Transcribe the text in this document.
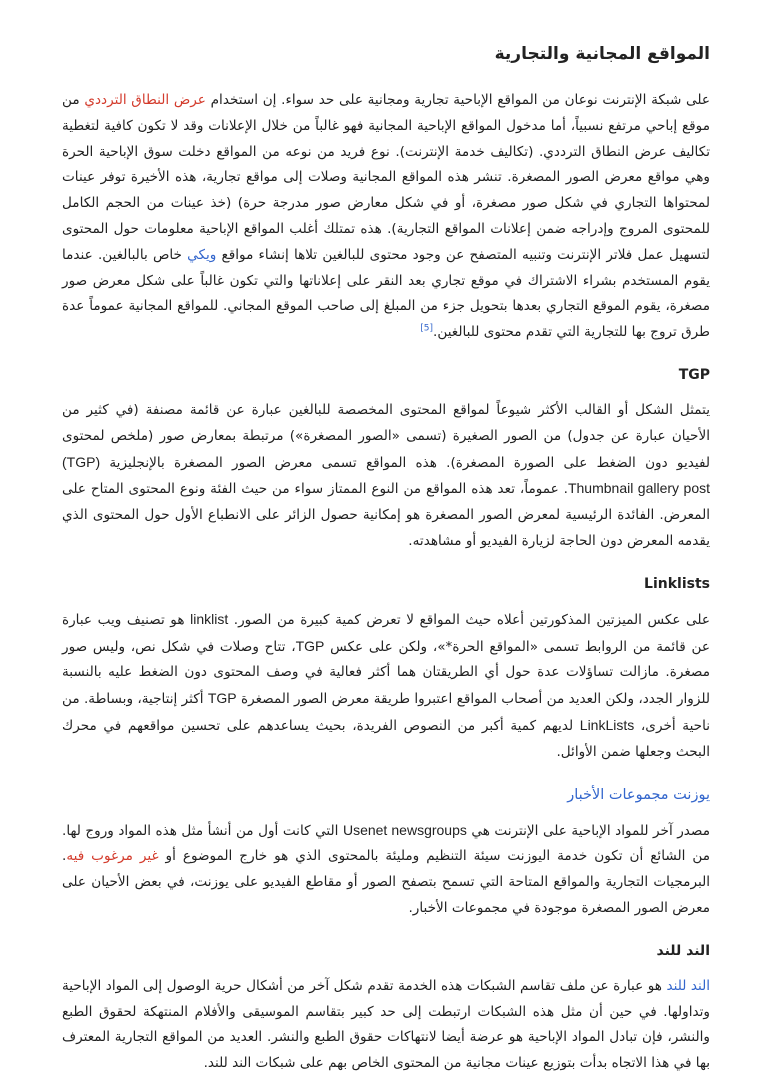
المواقع المجانية والتجارية

على شبكة الإنترنت نوعان من المواقع الإباحية تجارية ومجانية على حد سواء. إن استخدام عرض النطاق الترددي من موقع إباحي مرتفع نسبياً، أما مدخول المواقع الإباحية المجانية فهو غالباً من خلال الإعلانات وقد لا تكون كافية لتغطية تكاليف عرض النطاق الترددي. (تكاليف خدمة الإنترنت). نوع فريد من نوعه من المواقع دخلت سوق الإباحية الحرة وهي مواقع معرض الصور المصغرة. تنشر هذه المواقع المجانية وصلات إلى مواقع تجارية، هذه الأخيرة توفر عينات لمحتواها التجاري في شكل صور مصغرة، أو في شكل معارض صور مدرجة حرة) (خذ عينات من الحجم الكامل للمحتوى المروج وإدراجه ضمن إعلانات المواقع التجارية). هذه تمتلك أغلب المواقع الإباحية معلومات حول المحتوى لتسهيل عمل فلاتر الإنترنت وتنبيه المتصفح عن وجود محتوى للبالغين تلاها إنشاء مواقع ويكي خاص بالبالغين. عندما يقوم المستخدم بشراء الاشتراك في موقع تجاري بعد النقر على إعلاناتها والتي تكون غالباً على شكل معرض صور مصغرة، يقوم الموقع التجاري بعدها بتحويل جزء من المبلغ إلى صاحب الموقع المجاني. للمواقع المجانية عموماً عدة طرق تروج بها للتجارية التي تقدم محتوى للبالغين.[5]

TGP

يتمثل الشكل أو القالب الأكثر شيوعاً لمواقع المحتوى المخصصة للبالغين عبارة عن قائمة مصنفة (في كثير من الأحيان عبارة عن جدول) من الصور الصغيرة (تسمى «الصور المصغرة») مرتبطة بمعارض صور (ملخص لمحتوى لفيديو دون الضغط على الصورة المصغرة). هذه المواقع تسمى معرض الصور المصغرة بالإنجليزية (TGP) Thumbnail gallery post. عموماً، تعد هذه المواقع من النوع الممتاز سواء من حيث الفئة ونوع المحتوى المتاح على المعرض. الفائدة الرئيسية لمعرض الصور المصغرة هو إمكانية حصول الزائر على الانطباع الأول حول المحتوى الذي يقدمه المعرض دون الحاجة لزيارة الفيديو أو مشاهدته.

Linklists

على عكس الميزتين المذكورتين أعلاه حيث المواقع لا تعرض كمية كبيرة من الصور. linklist هو تصنيف ويب عبارة عن قائمة من الروابط تسمى «المواقع الحرة*»، ولكن على عكس TGP، تتاح وصلات في شكل نص، وليس صور مصغرة. مازالت تساؤلات عدة حول أي الطريقتان هما أكثر فعالية في وصف المحتوى دون الضغط عليه بالنسبة للزوار الجدد، ولكن العديد من أصحاب المواقع اعتبروا طريقة معرض الصور المصغرة TGP أكثر إنتاجية، وبساطة. من ناحية أخرى، LinkLists لديهم كمية أكبر من النصوص الفريدة، بحيث يساعدهم على تحسين مواقعهم في محرك البحث وجعلها ضمن الأوائل.

يوزنت مجموعات الأخبار

مصدر آخر للمواد الإباحية على الإنترنت هي Usenet newsgroups التي كانت أول من أنشأ مثل هذه المواد وروج لها. من الشائع أن تكون خدمة اليوزنت سيئة التنظيم ومليئة بالمحتوى الذي هو خارج الموضوع أو غير مرغوب فيه. البرمجيات التجارية والمواقع المتاحة التي تسمح بتصفح الصور أو مقاطع الفيديو على يوزنت، في بعض الأحيان على معرض الصور المصغرة موجودة في مجموعات الأخبار.

الند للند

الند للند هو عبارة عن ملف تقاسم الشبكات هذه الخدمة تقدم شكل آخر من أشكال حرية الوصول إلى المواد الإباحية وتداولها. في حين أن مثل هذه الشبكات ارتبطت إلى حد كبير بتقاسم الموسيقى والأفلام المنتهكة لحقوق الطبع والنشر، فإن تبادل المواد الإباحية هو عرضة أيضا لانتهاكات حقوق الطبع والنشر. العديد من المواقع التجارية المعترف بها في هذا الاتجاه بدأت بتوزيع عينات مجانية من المحتوى الخاص بهم على شبكات الند للند.
